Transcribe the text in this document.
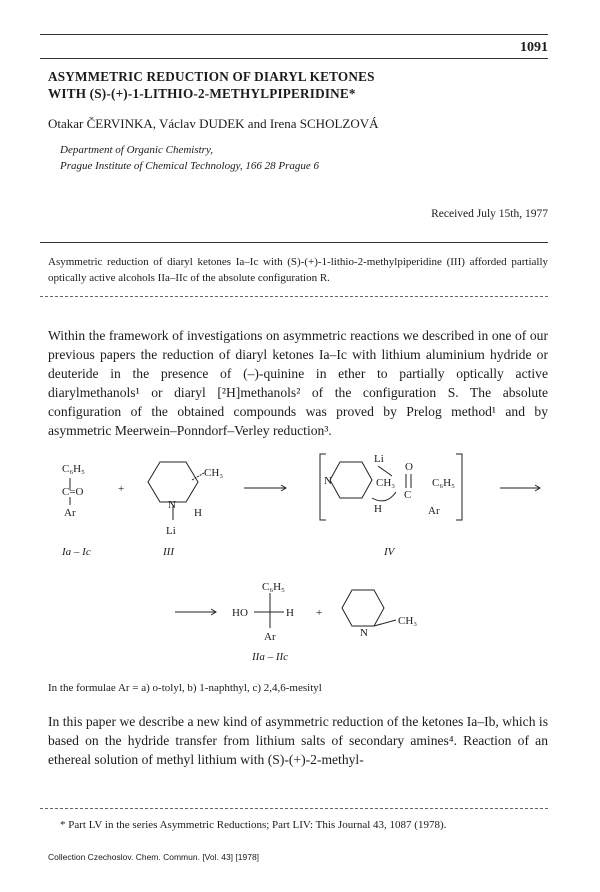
1091
ASYMMETRIC REDUCTION OF DIARYL KETONES
WITH (S)-(+)-1-LITHIO-2-METHYLPIPERIDINE*
Otakar ČERVINKA, Václav DUDEK and Irena SCHOLZOVÁ
Department of Organic Chemistry,
Prague Institute of Chemical Technology, 166 28 Prague 6
Received July 15th, 1977
Asymmetric reduction of diaryl ketones Ia–Ic with (S)-(+)-1-lithio-2-methylpiperidine (III) afforded partially optically active alcohols IIa–IIc of the absolute configuration R.
Within the framework of investigations on asymmetric reactions we described in one of our previous papers the reduction of diaryl ketones Ia–Ic with lithium aluminium hydride or deuteride in the presence of (–)-quinine in ether to partially optically active diarylmethanols¹ or diaryl [²H]methanols² of the configuration S. The absolute configuration of the obtained compounds was proved by Prelog method¹ and by asymmetric Meerwein–Ponndorf–Verley reduction³.
C₆H₅
C=O
Ar
Ia – Ic
+
CH₃
H
N
Li
III
Li
O
N	CH₃
C
C₆H₅
H	Ar
IV
C₆H₅
HO	H
Ar
IIa – IIc
+
N
CH₃
In the formulae Ar = a) o-tolyl, b) 1-naphthyl, c) 2,4,6-mesityl
In this paper we describe a new kind of asymmetric reduction of the ketones Ia–Ib, which is based on the hydride transfer from lithium salts of secondary amines⁴. Reaction of an ethereal solution of methyl lithium with (S)-(+)-2-methyl-
* Part LV in the series Asymmetric Reductions; Part LIV: This Journal 43, 1087 (1978).
Collection Czechoslov. Chem. Commun. [Vol. 43] [1978]
